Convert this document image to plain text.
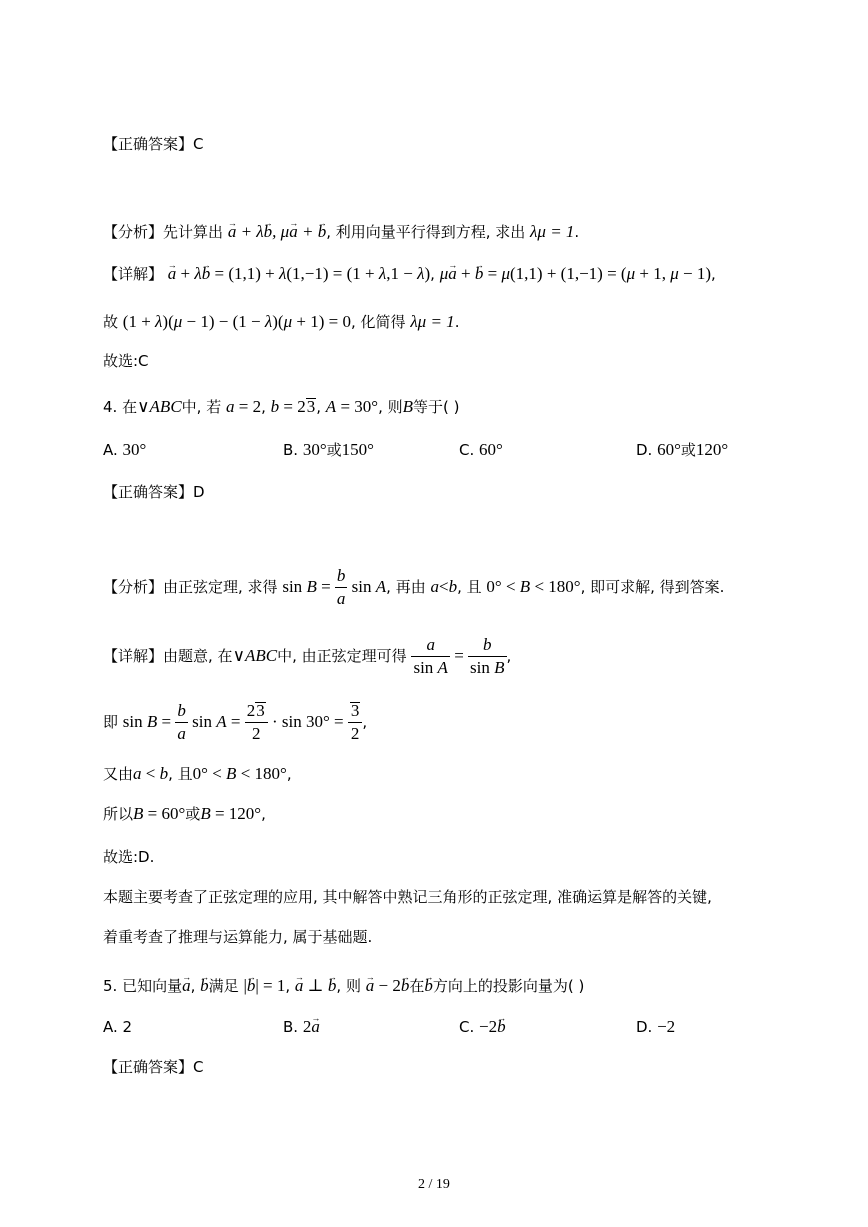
【正确答案】C
【分析】先计算出 → a + λ→ b, μ→ a + → b, 利用向量平行得到方程, 求出 λμ = 1.
【详解】 → a + λ→ b = (1,1) + λ(1,−1) = (1 + λ,1 − λ), μ→ a + → b = μ(1,1) + (1,−1) = (μ + 1, μ − 1),
故 (1 + λ)(μ − 1) − (1 − λ)(μ + 1) = 0, 化简得 λμ = 1.
故选:C
4. 在∨ABC中, 若 a = 2, b = 23, A = 30°, 则B等于( )
A. 30°	B. 30°或150°	C. 60°	D. 60°或120°
【正确答案】D
【分析】由正弦定理, 求得 $\sin B = \frac{b}{a}$ sin A, 再由 a<b, 且 0° < B < 180°, 即可求解, 得到答案.
【详解】由题意, 在∨ABC中, 由正弦定理可得 $\frac{a}{\text{sin A}} = \frac{b}{\text{sin B}}$ ,
即 $\sin B = \frac{b}{a}$ $\sin A = \frac{23}{2} \cdot \sin 30^\circ = \frac{3}{2}$ ,
又由a < b, 且0° < B < 180°,
所以B = 60°或B = 120°,
故选:D.
本题主要考查了正弦定理的应用, 其中解答中熟记三角形的正弦定理, 准确运算是解答的关键,
着重考查了推理与运算能力, 属于基础题.
5. 已知向量→ a, → b满足 |→ b| = 1, → a ⊥ → b, 则 → a − 2→ b在→ b方向上的投影向量为( )
A. 2	B. 2→ a	C. −2→ b	D. −2
【正确答案】C
2 / 19
